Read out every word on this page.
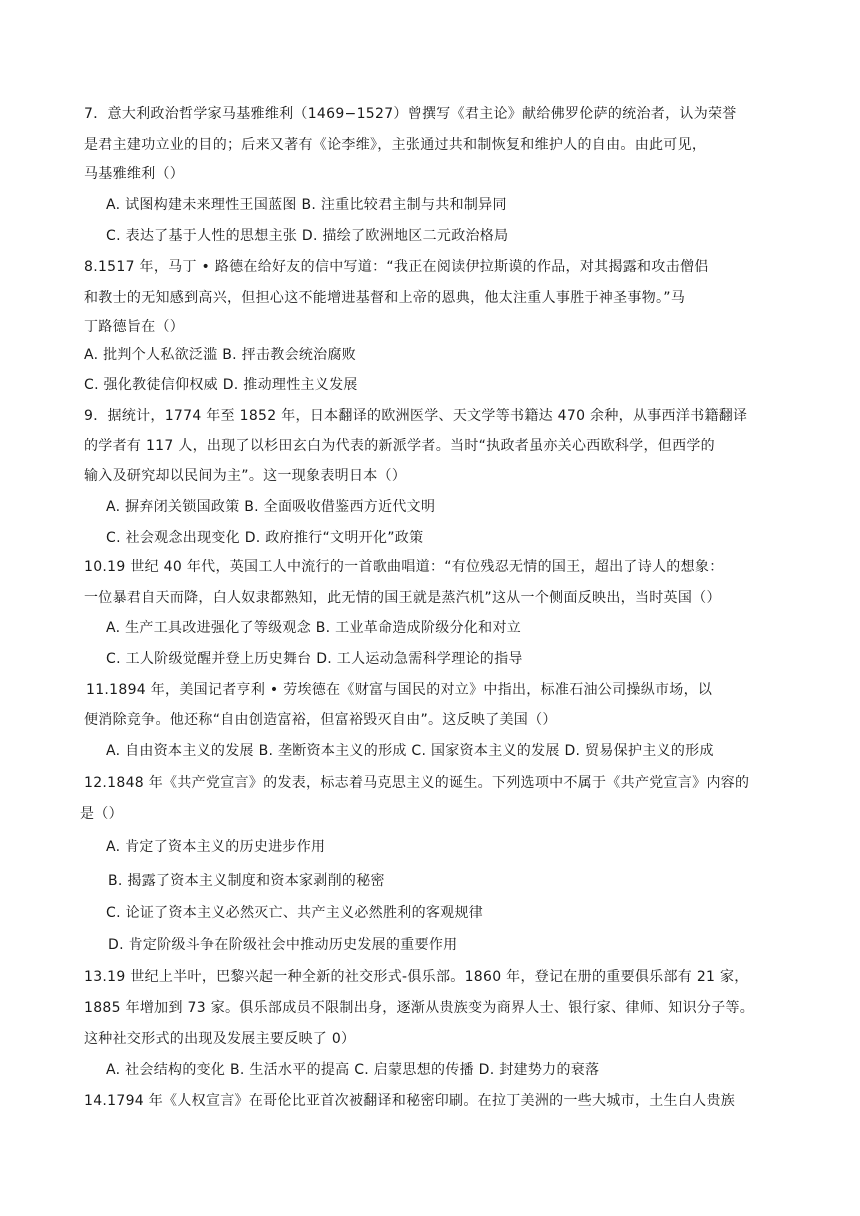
7．意大利政治哲学家马基雅维利（1469−1527）曾撰写《君主论》献给佛罗伦萨的统治者，认为荣誉
是君主建功立业的目的；后来又著有《论李维》，主张通过共和制恢复和维护人的自由。由此可见，
马基雅维利（）
A. 试图构建未来理性王国蓝图 B. 注重比较君主制与共和制异同
C. 表达了基于人性的思想主张 D. 描绘了欧洲地区二元政治格局
8.1517 年，马丁 • 路德在给好友的信中写道：“我正在阅读伊拉斯谟的作品，对其揭露和攻击僧侣
和教士的无知感到高兴，但担心这不能增进基督和上帝的恩典，他太注重人事胜于神圣事物。”马
丁路德旨在（）
A. 批判个人私欲泛滥 B. 抨击教会统治腐败
C. 强化教徒信仰权威 D. 推动理性主义发展
9．据统计，1774 年至 1852 年，日本翻译的欧洲医学、天文学等书籍达 470 余种，从事西洋书籍翻译
的学者有 117 人，出现了以杉田玄白为代表的新派学者。当时“执政者虽亦关心西欧科学，但西学的
输入及研究却以民间为主”。这一现象表明日本（）
A. 摒弃闭关锁国政策 B. 全面吸收借鉴西方近代文明
C. 社会观念出现变化 D. 政府推行“文明开化”政策
10.19 世纪 40 年代，英国工人中流行的一首歌曲唱道：“有位残忍无情的国王，超出了诗人的想象：
一位暴君自天而降，白人奴隶都熟知，此无情的国王就是蒸汽机”这从一个侧面反映出，当时英国（）
A. 生产工具改进强化了等级观念 B. 工业革命造成阶级分化和对立
C. 工人阶级觉醒并登上历史舞台 D. 工人运动急需科学理论的指导
11.1894 年，美国记者亨利 • 劳埃德在《财富与国民的对立》中指出，标准石油公司操纵市场，以
便消除竞争。他还称“自由创造富裕，但富裕毁灭自由”。这反映了美国（）
A. 自由资本主义的发展 B. 垄断资本主义的形成 C. 国家资本主义的发展 D. 贸易保护主义的形成
12.1848 年《共产党宣言》的发表，标志着马克思主义的诞生。下列选项中不属于《共产党宣言》内容的
是（）
A. 肯定了资本主义的历史进步作用
B. 揭露了资本主义制度和资本家剥削的秘密
C. 论证了资本主义必然灭亡、共产主义必然胜利的客观规律
D. 肯定阶级斗争在阶级社会中推动历史发展的重要作用
13.19 世纪上半叶，巴黎兴起一种全新的社交形式-俱乐部。1860 年，登记在册的重要俱乐部有 21 家，
1885 年增加到 73 家。俱乐部成员不限制出身，逐渐从贵族变为商界人士、银行家、律师、知识分子等。
这种社交形式的出现及发展主要反映了 0）
A. 社会结构的变化 B. 生活水平的提高 C. 启蒙思想的传播 D. 封建势力的衰落
14.1794 年《人权宣言》在哥伦比亚首次被翻译和秘密印刷。在拉丁美洲的一些大城市，土生白人贵族
